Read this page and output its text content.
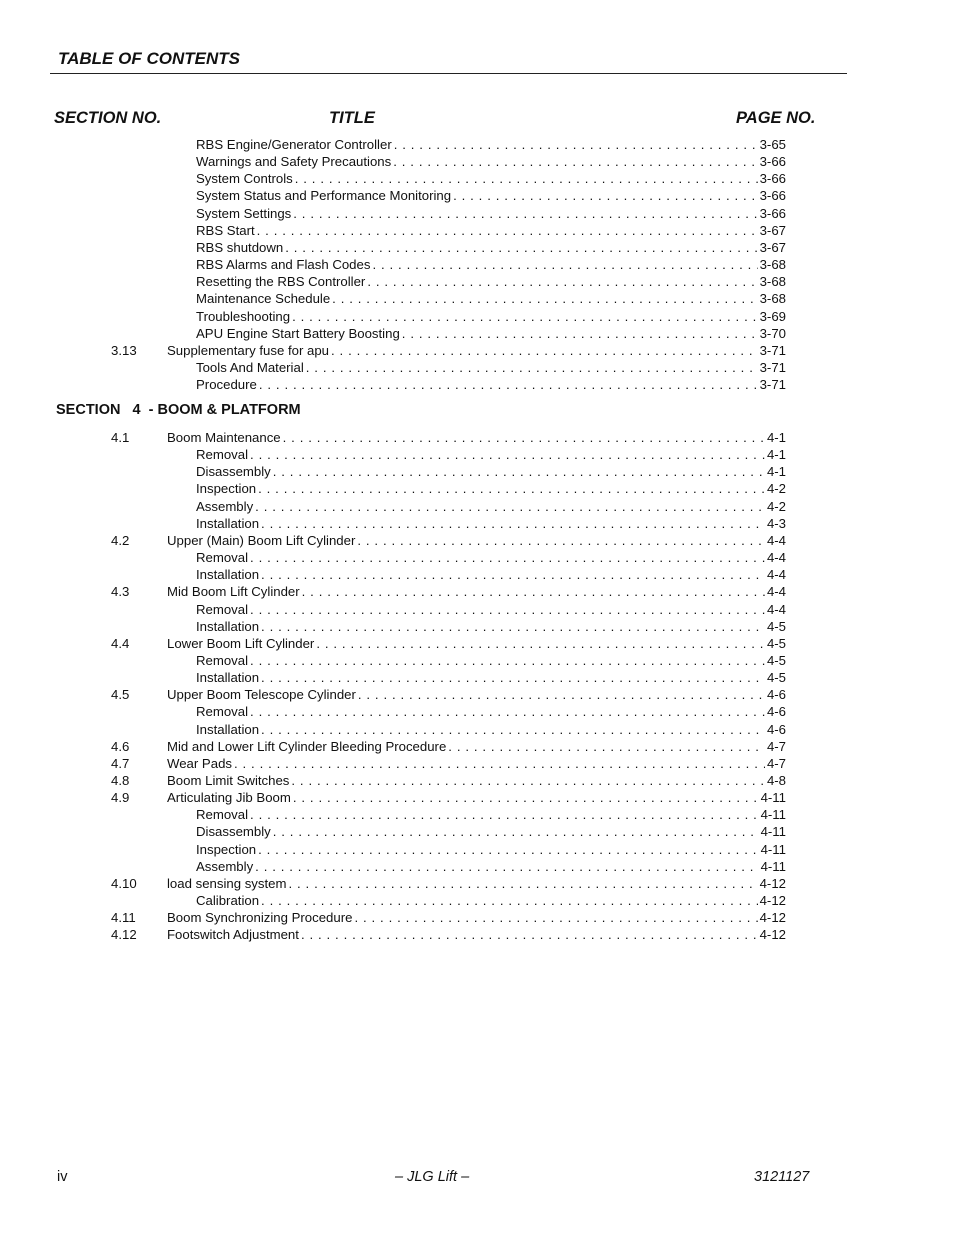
TABLE OF CONTENTS
SECTION NO.	TITLE	PAGE NO.
RBS Engine/Generator Controller . . .	3-65
Warnings and Safety Precautions . . .	3-66
System Controls . . .	3-66
System Status and Performance Monitoring . . .	3-66
System Settings . . .	3-66
RBS Start . . .	3-67
RBS shutdown . . .	3-67
RBS Alarms and Flash Codes . . .	3-68
Resetting the RBS Controller . . .	3-68
Maintenance Schedule . . .	3-68
Troubleshooting . . .	3-69
APU Engine Start Battery Boosting . . .	3-70
3.13	Supplementary fuse for apu . . .	3-71
Tools And Material . . .	3-71
Procedure . . .	3-71
SECTION   4  - BOOM & PLATFORM
4.1	Boom Maintenance . . .	4-1
Removal . . .	4-1
Disassembly . . .	4-1
Inspection . . .	4-2
Assembly . . .	4-2
Installation . . .	4-3
4.2	Upper (Main) Boom Lift Cylinder . . .	4-4
Removal . . .	4-4
Installation . . .	4-4
4.3	Mid Boom Lift Cylinder . . .	4-4
Removal . . .	4-4
Installation . . .	4-5
4.4	Lower Boom Lift Cylinder . . .	4-5
Removal . . .	4-5
Installation . . .	4-5
4.5	Upper Boom Telescope Cylinder . . .	4-6
Removal . . .	4-6
Installation . . .	4-6
4.6	Mid and Lower Lift Cylinder Bleeding Procedure . . .	4-7
4.7	Wear Pads . . .	4-7
4.8	Boom Limit Switches . . .	4-8
4.9	Articulating Jib Boom . . .	4-11
Removal . . .	4-11
Disassembly . . .	4-11
Inspection . . .	4-11
Assembly . . .	4-11
4.10	load sensing system . . .	4-12
Calibration . . .	4-12
4.11	Boom Synchronizing Procedure . . .	4-12
4.12	Footswitch Adjustment . . .	4-12
iv	– JLG Lift –	3121127
